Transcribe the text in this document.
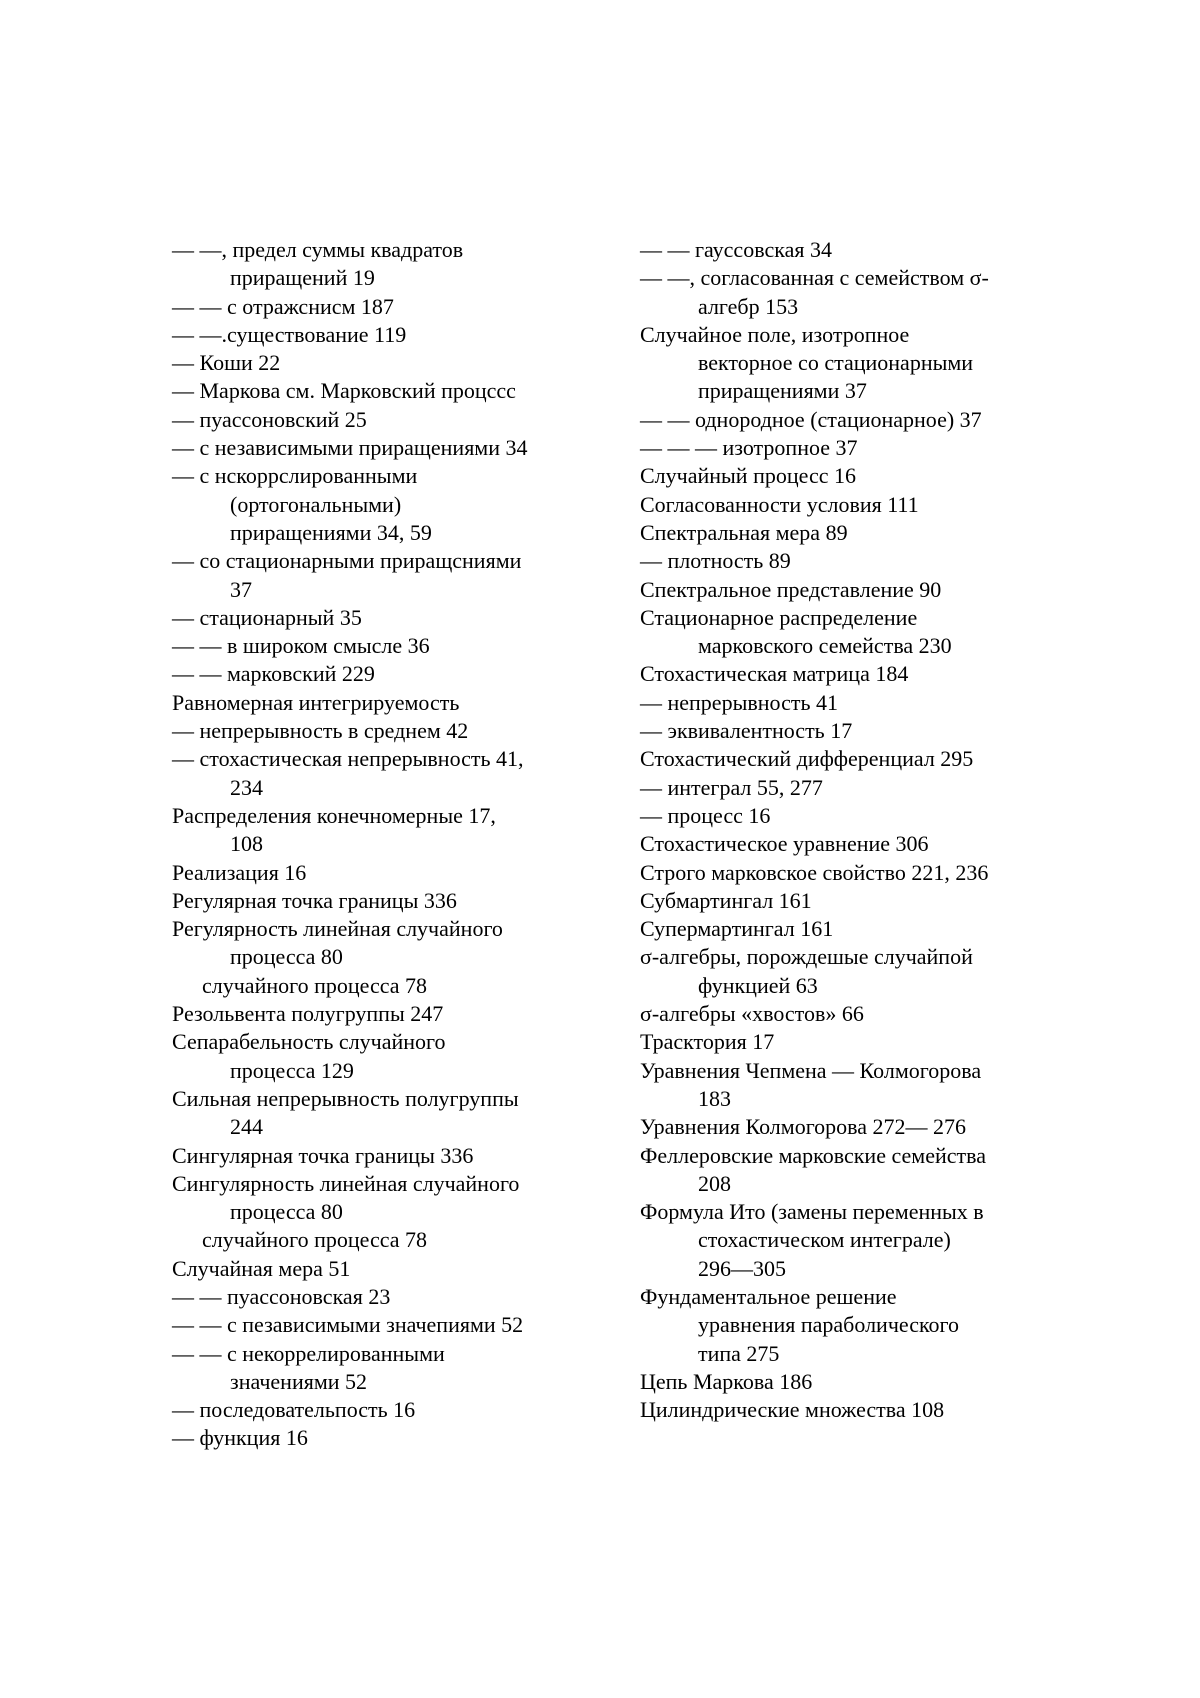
— —, предел суммы квадратов
приращений 19
— — с отражснисм 187
— —.существование 119
— Коши 22
— Маркова см. Марковский процссс
— пуассоновский 25
— с независимыми приращениями 34
— с нскоррслированными
(ортогональными)
приращениями 34, 59
— со стационарными приращсниями
37
— стационарный 35
— — в широком смысле 36
— — марковский 229
Равномерная интегрируемость
— непрерывность в среднем 42
— стохастическая непрерывность 41,
234
Распределения конечномерные 17,
108
Реализация 16
Регулярная точка границы 336
Регулярность линейная случайного
процесса 80
случайного процесса 78
Резольвента полугруппы 247
Сепарабельность случайного
процесса 129
Сильная непрерывность полугруппы
244
Сингулярная точка границы 336
Сингулярность линейная случайного
процесса 80
случайного процесса 78
Случайная мера 51
— — пуассоновская 23
— — с пезависимыми значепиями 52
— — с некоррелированными
значениями 52
— последовательпость 16
— функция 16
— — гауссовская 34
— —, согласованная с семейством σ-
алгебр 153
Случайное поле, изотропное
векторное со стационарными
приращениями 37
— — однородное (стационарное) 37
— — — изотропное 37
Случайный процесс 16
Согласованности условия 111
Спектральная мера 89
— плотность 89
Спектральное представление 90
Стационарное распределение
марковского семейства 230
Стохастическая матрица 184
— непрерывность 41
— эквивалентность 17
Стохастический дифференциал 295
— интеграл 55, 277
— процесс 16
Стохастическое уравнение 306
Строго марковское свойство 221, 236
Субмартингал 161
Супермартингал 161
σ-алгебры, порождешые случайпой
функцией 63
σ-алгебры «хвостов» 66
Трасктория 17
Уравнения Чепмена — Колмогорова
183
Уравнения Колмогорова 272— 276
Феллеровские марковские семейства
208
Формула Ито (замены переменных в
стохастическом интеграле)
296—305
Фундаментальное решение
уравнения параболического
типа 275
Цепь Маркова 186
Цилиндрические множества 108
